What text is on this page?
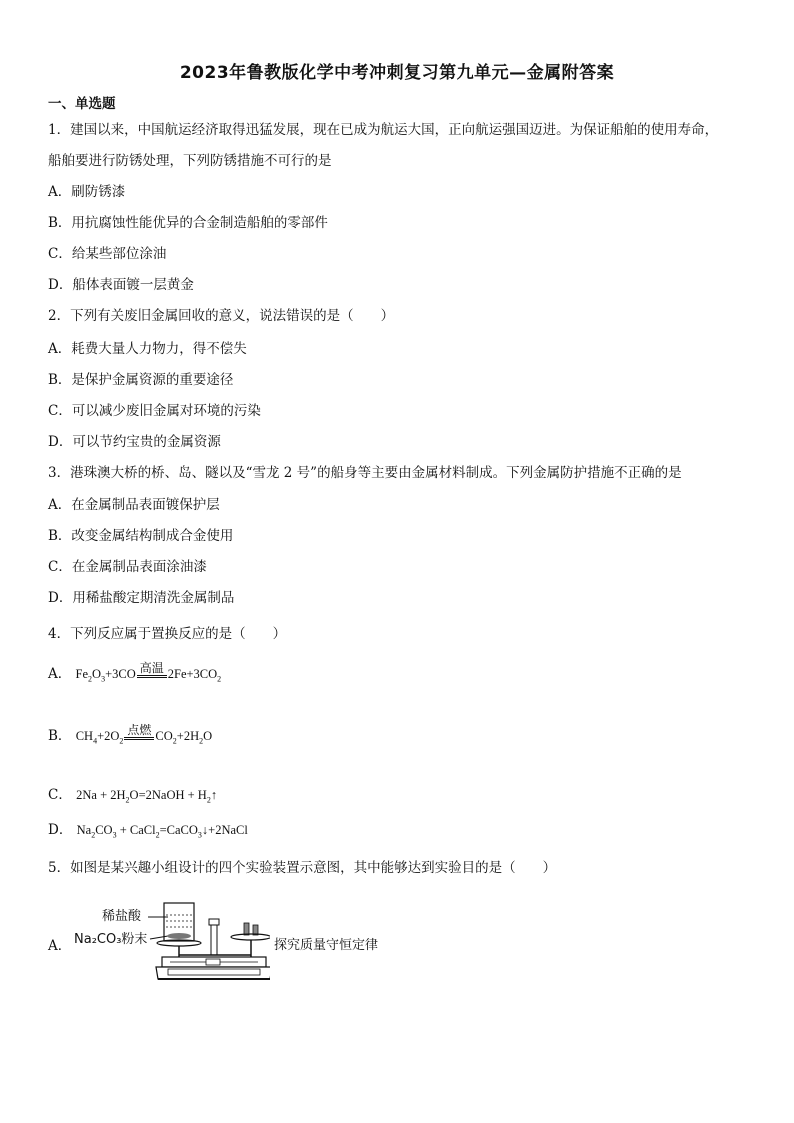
2023年鲁教版化学中考冲刺复习第九单元—金属附答案
一、单选题
1．建国以来，中国航运经济取得迅猛发展，现在已成为航运大国，正向航运强国迈进。为保证船舶的使用寿命，
船舶要进行防锈处理，下列防锈措施不可行的是
A．刷防锈漆
B．用抗腐蚀性能优异的合金制造船舶的零部件
C．给某些部位涂油
D．船体表面镀一层黄金
2．下列有关废旧金属回收的意义，说法错误的是（　　）
A．耗费大量人力物力，得不偿失
B．是保护金属资源的重要途径
C．可以减少废旧金属对环境的污染
D．可以节约宝贵的金属资源
3．港珠澳大桥的桥、岛、隧以及“雪龙 2 号”的船身等主要由金属材料制成。下列金属防护措施不正确的是
A．在金属制品表面镀保护层
B．改变金属结构制成合金使用
C．在金属制品表面涂油漆
D．用稀盐酸定期清洗金属制品
4．下列反应属于置换反应的是（　　）
A． $Fe_2O_3+3CO$ 高温 $2Fe+3CO_2$
B． $CH_4+2O_2$
点燃 $CO_2+2H_2O$
C． $2Na + 2H_2O=2NaOH$ + $H_2↑$
D． $Na_2CO_3$ + CaCl$_2$=CaCO$_3$↓+2NaCl
5．如图是某兴趣小组设计的四个实验装置示意图，其中能够达到实验目的是（　　）
A．
稀盐酸
Na₂CO₃粉末	探究质量守恒定律
